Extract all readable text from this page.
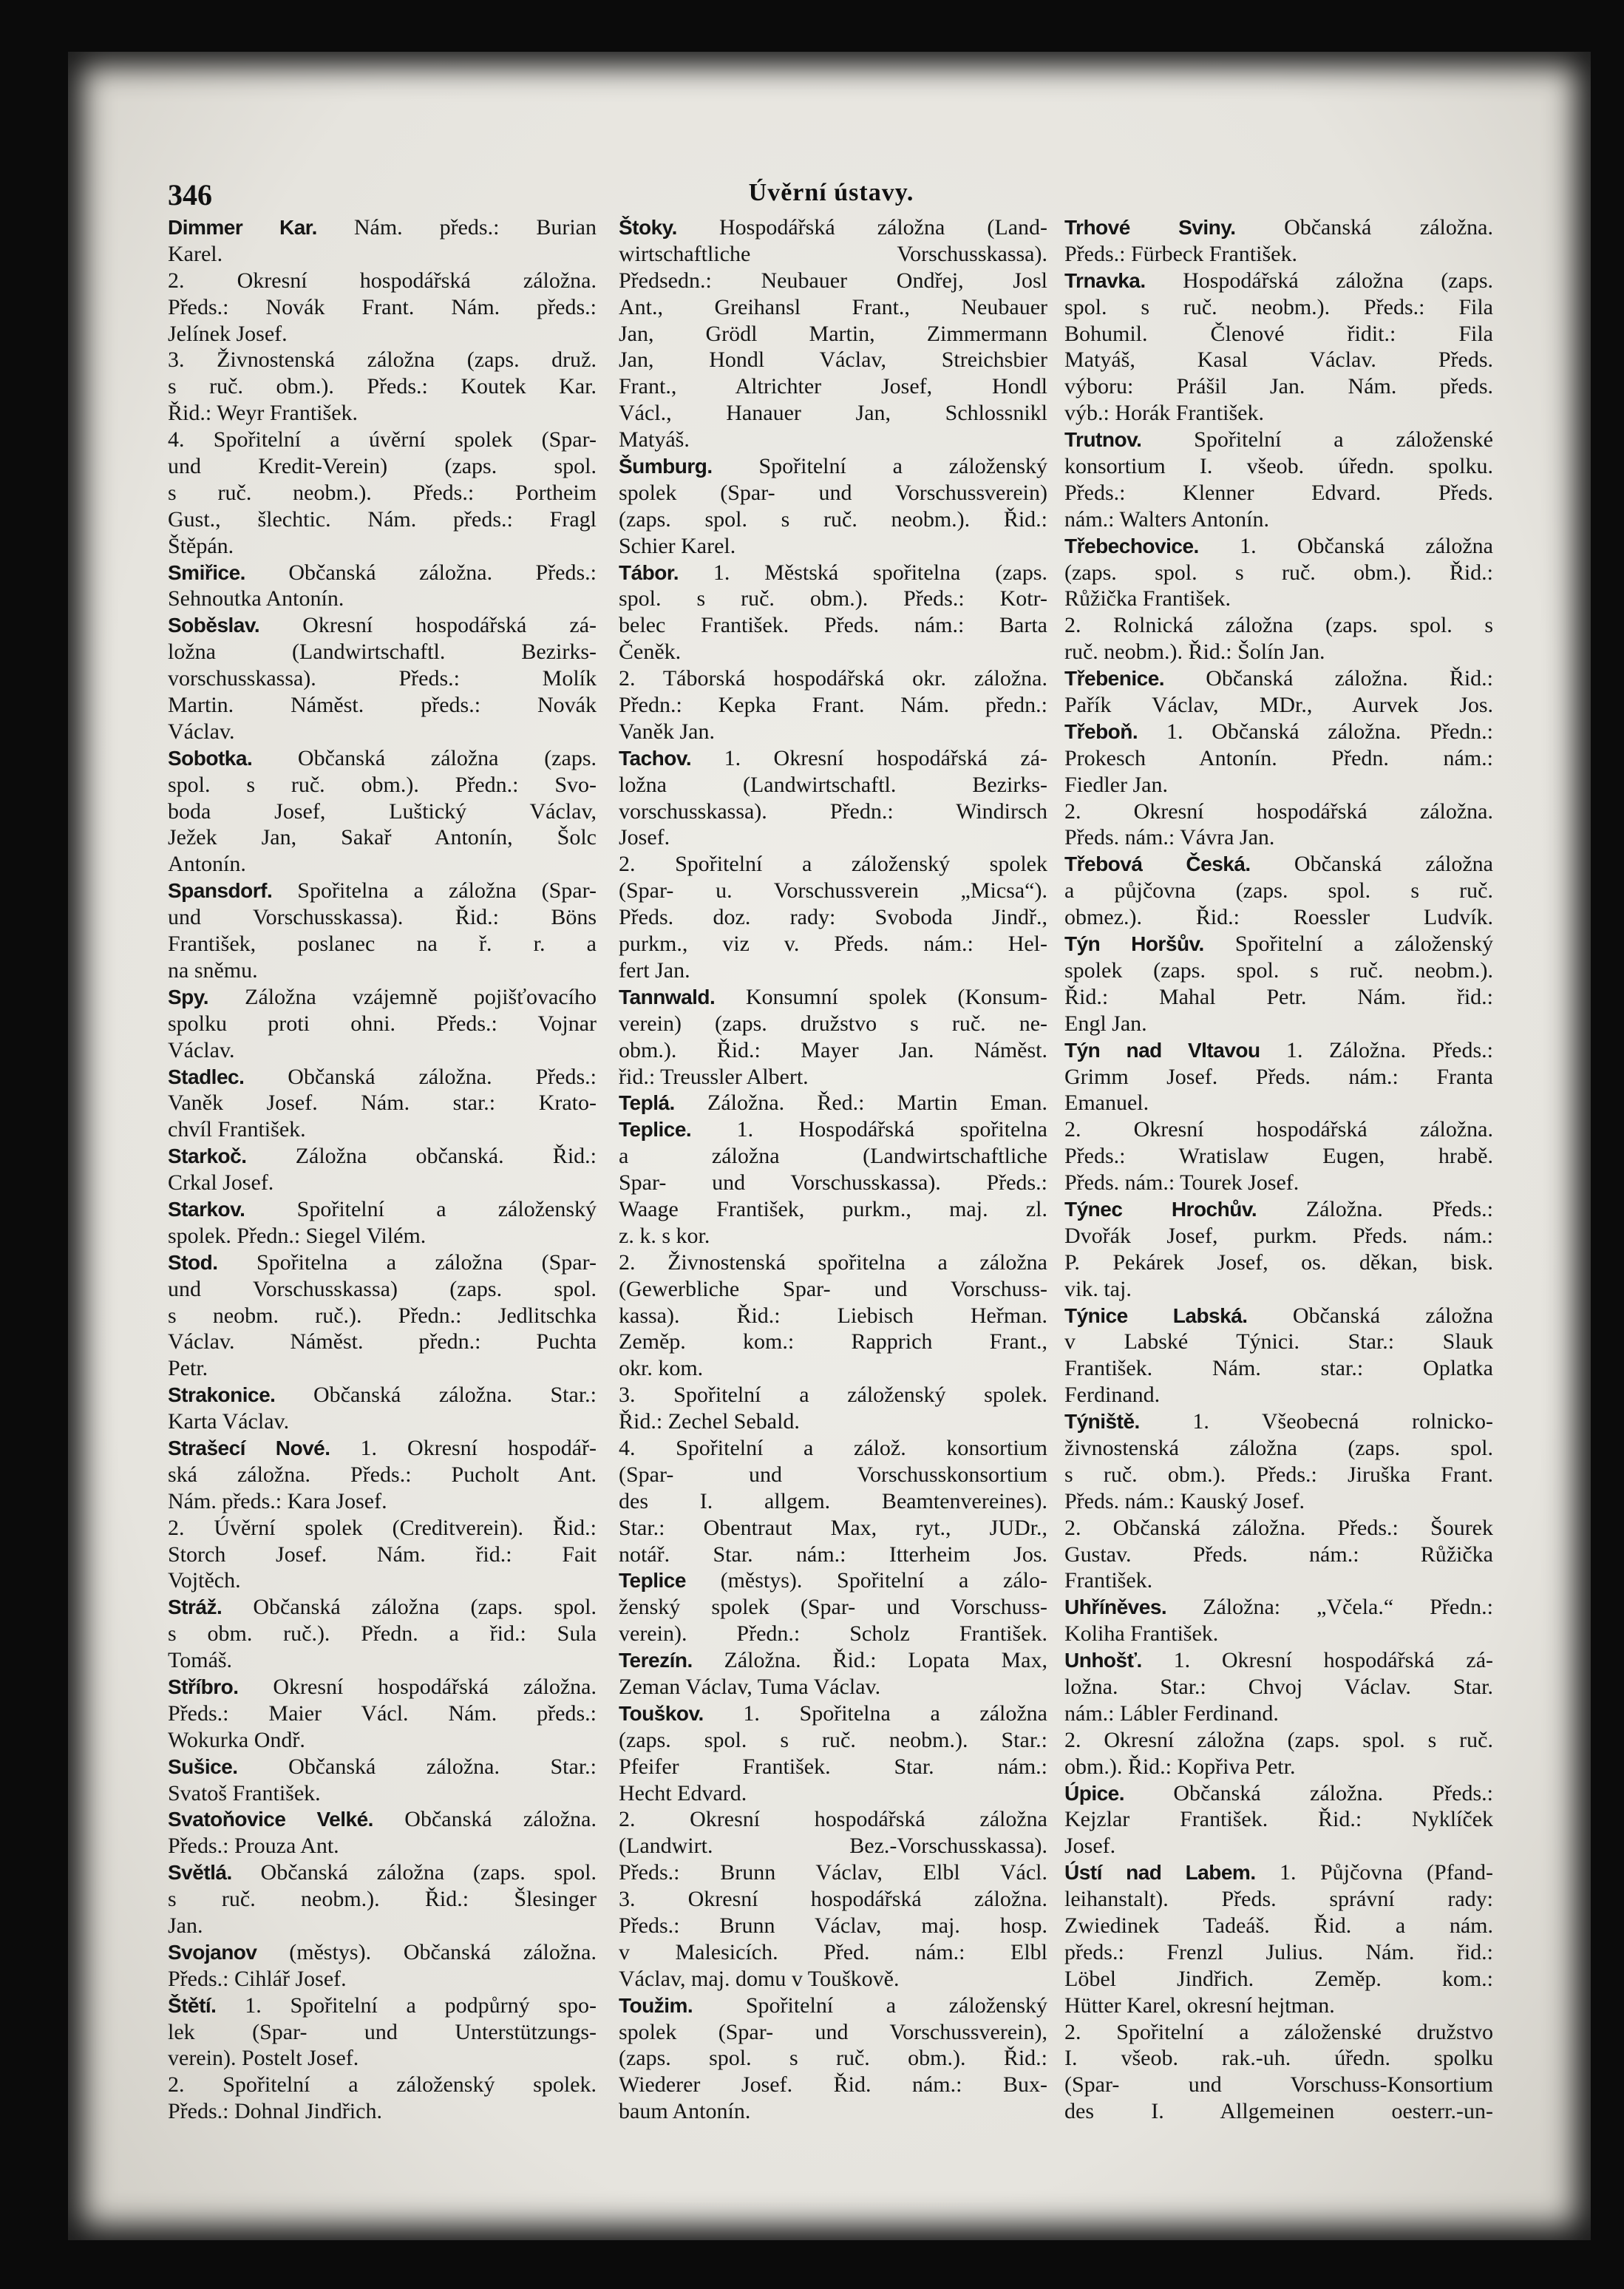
346	Úvěrní ústavy.
Dimmer Kar. Nám. předs.: Burian
Karel.
2. Okresní hospodářská záložna.
Předs.: Novák Frant. Nám. předs.:
Jelínek Josef.
3. Živnostenská záložna (zaps. druž.
s ruč. obm.). Předs.: Koutek Kar.
Řid.: Weyr František.
4. Spořitelní a úvěrní spolek (Spar-
und Kredit-Verein) (zaps. spol.
s ruč. neobm.). Předs.: Portheim
Gust., šlechtic. Nám. předs.: Fragl
Štěpán.
Smiřice. Občanská záložna. Předs.:
Sehnoutka Antonín.
Soběslav. Okresní hospodářská zá-
ložna (Landwirtschaftl. Bezirks-
vorschusskassa). Předs.: Molík
Martin. Náměst. předs.: Novák
Václav.
Sobotka. Občanská záložna (zaps.
spol. s ruč. obm.). Předn.: Svo-
boda Josef, Luštický Václav,
Ježek Jan, Sakař Antonín, Šolc
Antonín.
Spansdorf. Spořitelna a záložna (Spar-
und Vorschusskassa). Řid.: Böns
František, poslanec na ř. r. a
na sněmu.
Spy. Záložna vzájemně pojišťovacího
spolku proti ohni. Předs.: Vojnar
Václav.
Stadlec. Občanská záložna. Předs.:
Vaněk Josef. Nám. star.: Krato-
chvíl František.
Starkoč. Záložna občanská. Řid.:
Crkal Josef.
Starkov. Spořitelní a záloženský
spolek. Předn.: Siegel Vilém.
Stod. Spořitelna a záložna (Spar-
und Vorschusskassa) (zaps. spol.
s neobm. ruč.). Předn.: Jedlitschka
Václav. Náměst. předn.: Puchta
Petr.
Strakonice. Občanská záložna. Star.:
Karta Václav.
Strašecí Nové. 1. Okresní hospodář-
ská záložna. Předs.: Pucholt Ant.
Nám. předs.: Kara Josef.
2. Úvěrní spolek (Creditverein). Řid.:
Storch Josef. Nám. řid.: Fait
Vojtěch.
Stráž. Občanská záložna (zaps. spol.
s obm. ruč.). Předn. a řid.: Sula
Tomáš.
Stříbro. Okresní hospodářská záložna.
Předs.: Maier Václ. Nám. předs.:
Wokurka Ondř.
Sušice. Občanská záložna. Star.:
Svatoš František.
Svatoňovice Velké. Občanská záložna.
Předs.: Prouza Ant.
Světlá. Občanská záložna (zaps. spol.
s ruč. neobm.). Řid.: Šlesinger
Jan.
Svojanov (městys). Občanská záložna.
Předs.: Cihlář Josef.
Štětí. 1. Spořitelní a podpůrný spo-
lek (Spar- und Unterstützungs-
verein). Postelt Josef.
2. Spořitelní a záloženský spolek.
Předs.: Dohnal Jindřich.
Štoky. Hospodářská záložna (Land-
wirtschaftliche Vorschusskassa).
Předsedn.: Neubauer Ondřej, Josl
Ant., Greihansl Frant., Neubauer
Jan, Grödl Martin, Zimmermann
Jan, Hondl Václav, Streichsbier
Frant., Altrichter Josef, Hondl
Václ., Hanauer Jan, Schlossnikl
Matyáš.
Šumburg. Spořitelní a záloženský
spolek (Spar- und Vorschussverein)
(zaps. spol. s ruč. neobm.). Řid.:
Schier Karel.
Tábor. 1. Městská spořitelna (zaps.
spol. s ruč. obm.). Předs.: Kotr-
belec František. Předs. nám.: Barta
Čeněk.
2. Táborská hospodářská okr. záložna.
Předn.: Kepka Frant. Nám. předn.:
Vaněk Jan.
Tachov. 1. Okresní hospodářská zá-
ložna (Landwirtschaftl. Bezirks-
vorschusskassa). Předn.: Windirsch
Josef.
2. Spořitelní a záloženský spolek
(Spar- u. Vorschussverein „Micsa“).
Předs. doz. rady: Svoboda Jindř.,
purkm., viz v. Předs. nám.: Hel-
fert Jan.
Tannwald. Konsumní spolek (Konsum-
verein) (zaps. družstvo s ruč. ne-
obm.). Řid.: Mayer Jan. Náměst.
řid.: Treussler Albert.
Teplá. Záložna. Řed.: Martin Eman.
Teplice. 1. Hospodářská spořitelna
a záložna (Landwirtschaftliche
Spar- und Vorschusskassa). Předs.:
Waage František, purkm., maj. zl.
z. k. s kor.
2. Živnostenská spořitelna a záložna
(Gewerbliche Spar- und Vorschuss-
kassa). Řid.: Liebisch Heřman.
Zeměp. kom.: Rapprich Frant.,
okr. kom.
3. Spořitelní a záloženský spolek.
Řid.: Zechel Sebald.
4. Spořitelní a zálož. konsortium
(Spar- und Vorschusskonsortium
des I. allgem. Beamtenvereines).
Star.: Obentraut Max, ryt., JUDr.,
notář. Star. nám.: Itterheim Jos.
Teplice (městys). Spořitelní a zálo-
ženský spolek (Spar- und Vorschuss-
verein). Předn.: Scholz František.
Terezín. Záložna. Řid.: Lopata Max,
Zeman Václav, Tuma Václav.
Touškov. 1. Spořitelna a záložna
(zaps. spol. s ruč. neobm.). Star.:
Pfeifer František. Star. nám.:
Hecht Edvard.
2. Okresní hospodářská záložna
(Landwirt. Bez.-Vorschusskassa).
Předs.: Brunn Václav, Elbl Václ.
3. Okresní hospodářská záložna.
Předs.: Brunn Václav, maj. hosp.
v Malesicích. Před. nám.: Elbl
Václav, maj. domu v Touškově.
Toužim. Spořitelní a záloženský
spolek (Spar- und Vorschussverein),
(zaps. spol. s ruč. obm.). Řid.:
Wiederer Josef. Řid. nám.: Bux-
baum Antonín.
Trhové Sviny. Občanská záložna.
Předs.: Fürbeck František.
Trnavka. Hospodářská záložna (zaps.
spol. s ruč. neobm.). Předs.: Fila
Bohumil. Členové řidit.: Fila
Matyáš, Kasal Václav. Předs.
výboru: Prášil Jan. Nám. předs.
výb.: Horák František.
Trutnov. Spořitelní a záloženské
konsortium I. všeob. úředn. spolku.
Předs.: Klenner Edvard. Předs.
nám.: Walters Antonín.
Třebechovice. 1. Občanská záložna
(zaps. spol. s ruč. obm.). Řid.:
Růžička František.
2. Rolnická záložna (zaps. spol. s
ruč. neobm.). Řid.: Šolín Jan.
Třebenice. Občanská záložna. Řid.:
Pařík Václav, MDr., Aurvek Jos.
Třeboň. 1. Občanská záložna. Předn.:
Prokesch Antonín. Předn. nám.:
Fiedler Jan.
2. Okresní hospodářská záložna.
Předs. nám.: Vávra Jan.
Třebová Česká. Občanská záložna
a půjčovna (zaps. spol. s ruč.
obmez.). Řid.: Roessler Ludvík.
Týn Horšův. Spořitelní a záloženský
spolek (zaps. spol. s ruč. neobm.).
Řid.: Mahal Petr. Nám. řid.:
Engl Jan.
Týn nad Vltavou 1. Záložna. Předs.:
Grimm Josef. Předs. nám.: Franta
Emanuel.
2. Okresní hospodářská záložna.
Předs.: Wratislaw Eugen, hrabě.
Předs. nám.: Tourek Josef.
Týnec Hrochův. Záložna. Předs.:
Dvořák Josef, purkm. Předs. nám.:
P. Pekárek Josef, os. děkan, bisk.
vik. taj.
Týnice Labská. Občanská záložna
v Labské Týnici. Star.: Slauk
František. Nám. star.: Oplatka
Ferdinand.
Týniště. 1. Všeobecná rolnicko-
živnostenská záložna (zaps. spol.
s ruč. obm.). Předs.: Jiruška Frant.
Předs. nám.: Kauský Josef.
2. Občanská záložna. Předs.: Šourek
Gustav. Předs. nám.: Růžička
František.
Uhříněves. Záložna: „Včela.“ Předn.:
Koliha František.
Unhošť. 1. Okresní hospodářská zá-
ložna. Star.: Chvoj Václav. Star.
nám.: Lábler Ferdinand.
2. Okresní záložna (zaps. spol. s ruč.
obm.). Řid.: Kopřiva Petr.
Úpice. Občanská záložna. Předs.:
Kejzlar František. Řid.: Nyklíček
Josef.
Ústí nad Labem. 1. Půjčovna (Pfand-
leihanstalt). Předs. správní rady:
Zwiedinek Tadeáš. Řid. a nám.
předs.: Frenzl Julius. Nám. řid.:
Löbel Jindřich. Zeměp. kom.:
Hütter Karel, okresní hejtman.
2. Spořitelní a záloženské družstvo
I. všeob. rak.-uh. úředn. spolku
(Spar- und Vorschuss-Konsortium
des I. Allgemeinen oesterr.-un-
